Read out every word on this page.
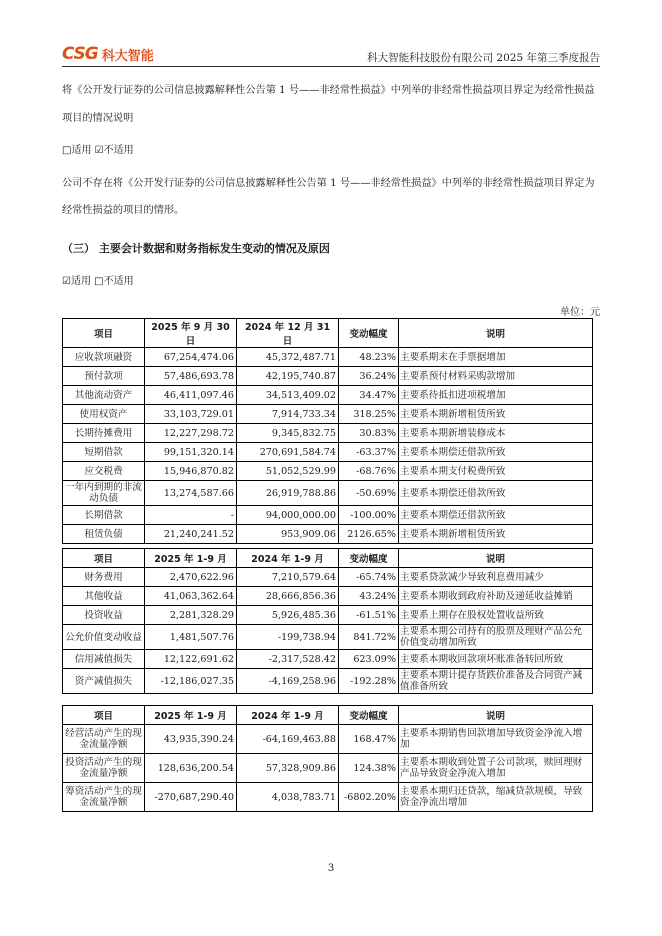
C S G 科大智能	科大智能科技股份有限公司 2025 年第三季度报告
将《公开发行证券的公司信息披露解释性公告第 1 号——非经常性损益》中列举的非经常性损益项目界定为经常性损益
项目的情况说明
□适用 ☑不适用
公司不存在将《公开发行证券的公司信息披露解释性公告第 1 号——非经常性损益》中列举的非经常性损益项目界定为
经常性损益的项目的情形。
（三） 主要会计数据和财务指标发生变动的情况及原因
☑适用 □不适用
单位：元
项目	2025 年 9 月 30 日	2024 年 12 月 31 日	变动幅度	说明
应收款项融资	67,254,474.06	45,372,487.71	48.23%	主要系期末在手票据增加
预付款项	57,486,693.78	42,195,740.87	36.24%	主要系预付材料采购款增加
其他流动资产	46,411,097.46	34,513,409.02	34.47%	主要系待抵扣进项税增加
使用权资产	33,103,729.01	7,914,733.34	318.25%	主要系本期新增租赁所致
长期待摊费用	12,227,298.72	9,345,832.75	30.83%	主要系本期新增装修成本
短期借款	99,151,320.14	270,691,584.74	-63.37%	主要系本期偿还借款所致
应交税费	15,946,870.82	51,052,529.99	-68.76%	主要系本期支付税费所致
一年内到期的非流动负债	13,274,587.66	26,919,788.86	-50.69%	主要系本期偿还借款所致
长期借款	-	94,000,000.00	-100.00%	主要系本期偿还借款所致
租赁负债	21,240,241.52	953,909.06	2126.65%	主要系本期新增租赁所致
项目	2025 年 1-9 月	2024 年 1-9 月	变动幅度	说明
财务费用	2,470,622.96	7,210,579.64	-65.74%	主要系贷款减少导致利息费用减少
其他收益	41,063,362.64	28,666,856.36	43.24%	主要系本期收到政府补助及递延收益摊销
投资收益	2,281,328.29	5,926,485.36	-61.51%	主要系上期存在股权处置收益所致
公允价值变动收益	1,481,507.76	-199,738.94	841.72%	主要系本期公司持有的股票及理财产品公允价值变动增加所致
信用减值损失	12,122,691.62	-2,317,528.42	623.09%	主要系本期收回款项坏账准备转回所致
资产减值损失	-12,186,027.35	-4,169,258.96	-192.28%	主要系本期计提存货跌价准备及合同资产减值准备所致
项目	2025 年 1-9 月	2024 年 1-9 月	变动幅度	说明
经营活动产生的现金流量净额	43,935,390.24	-64,169,463.88	168.47%	主要系本期销售回款增加导致资金净流入增加
投资活动产生的现金流量净额	128,636,200.54	57,328,909.86	124.38%	主要系本期收到处置子公司款项，赎回理财产品导致资金净流入增加
筹资活动产生的现金流量净额	-270,687,290.40	4,038,783.71	-6802.20%	主要系本期归还贷款，缩减贷款规模，导致资金净流出增加
3
